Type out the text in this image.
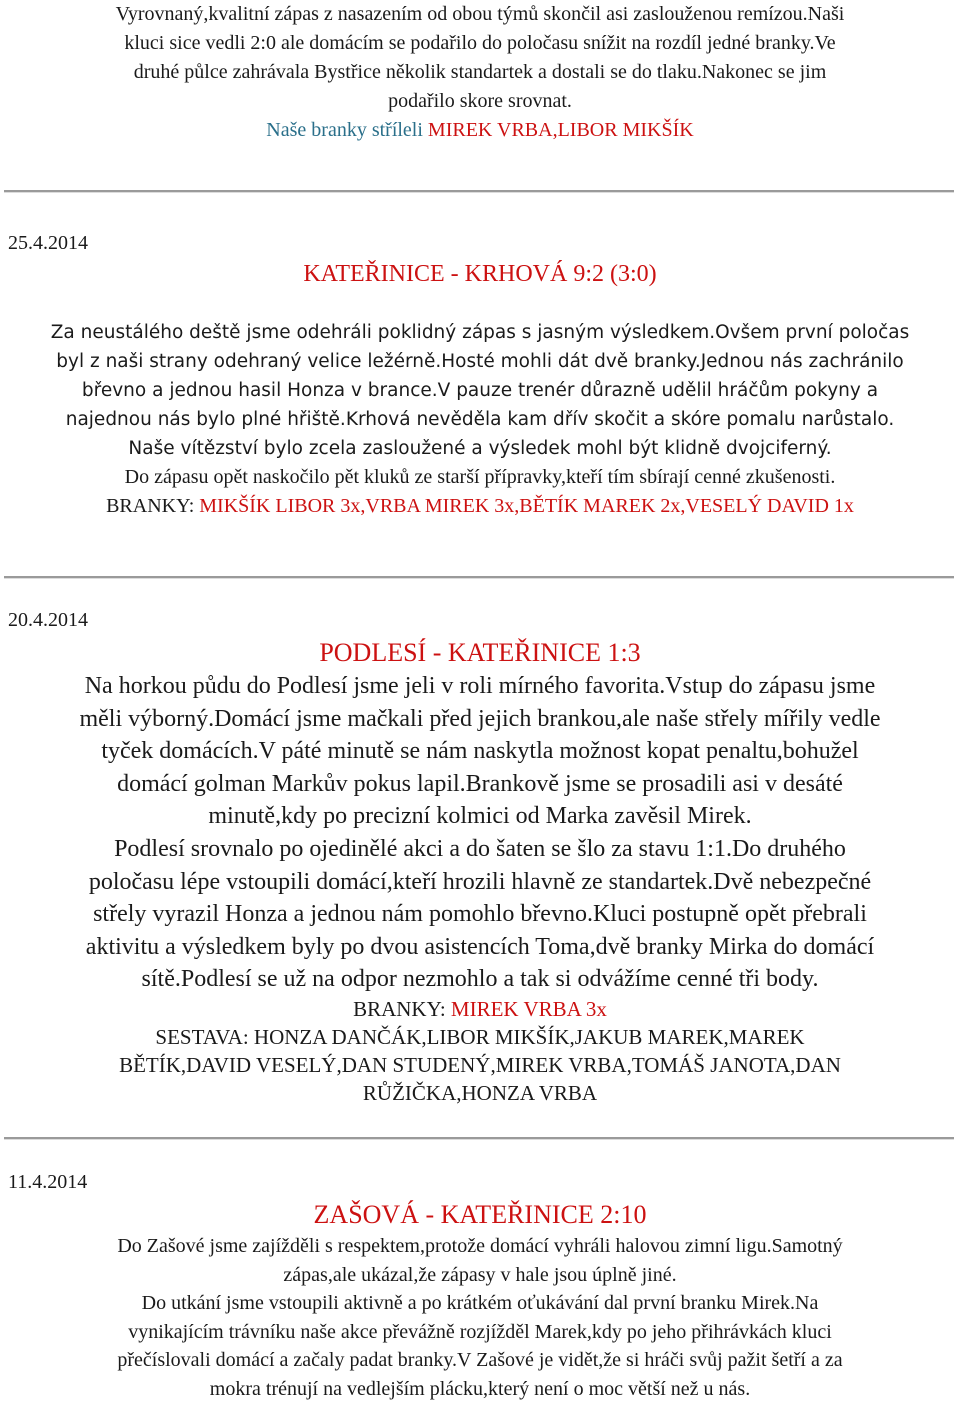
Vyrovnaný,kvalitní zápas z nasazením od obou týmů skončil asi zaslouženou remízou.Naši

kluci sice vedli 2:0 ale domácím se podařilo do poločasu snížit na rozdíl jedné branky.Ve

druhé půlce zahrávala Bystřice několik standartek a dostali se do tlaku.Nakonec se jim

podařilo skore srovnat.

Naše branky stříleli MIREK VRBA,LIBOR MIKŠÍK

25.4.2014

KATEŘINICE - KRHOVÁ 9:2 (3:0)

Za neustálého deště jsme odehráli poklidný zápas s jasným výsledkem.Ovšem první poločas

byl z naši strany odehraný velice ležérně.Hosté mohli dát dvě branky.Jednou nás zachránilo

břevno a jednou hasil Honza v brance.V pauze trenér důrazně udělil hráčům pokyny a

najednou nás bylo plné hřiště.Krhová nevěděla kam dřív skočit a skóre pomalu narůstalo.

Naše vítězství bylo zcela zasloužené a výsledek mohl být klidně dvojciferný.

Do zápasu opět naskočilo pět kluků ze starší přípravky,kteří tím sbírají cenné zkušenosti.

BRANKY: MIKŠÍK LIBOR 3x,VRBA MIREK 3x,BĚTÍK MAREK 2x,VESELÝ DAVID 1x

20.4.2014

PODLESÍ - KATEŘINICE 1:3

Na horkou půdu do Podlesí jsme jeli v roli mírného favorita.Vstup do zápasu jsme

měli výborný.Domácí jsme mačkali před jejich brankou,ale naše střely mířily vedle

tyček domácích.V páté minutě se nám naskytla možnost kopat penaltu,bohužel

domácí golman Markův pokus lapil.Brankově jsme se prosadili asi v desáté

minutě,kdy po precizní kolmici od Marka zavěsil Mirek.

Podlesí srovnalo po ojedinělé akci a do šaten se šlo za stavu 1:1.Do druhého

poločasu lépe vstoupili domácí,kteří hrozili hlavně ze standartek.Dvě nebezpečné

střely vyrazil Honza a jednou nám pomohlo břevno.Kluci postupně opět přebrali

aktivitu a výsledkem byly po dvou asistencích Toma,dvě branky Mirka do domácí

sítě.Podlesí se už na odpor nezmohlo a tak si odvážíme cenné tři body.

BRANKY: MIREK VRBA 3x

SESTAVA: HONZA DANČÁK,LIBOR MIKŠÍK,JAKUB MAREK,MAREK

BĚTÍK,DAVID VESELÝ,DAN STUDENÝ,MIREK VRBA,TOMÁŠ JANOTA,DAN

RŮŽIČKA,HONZA VRBA

11.4.2014

ZAŠOVÁ - KATEŘINICE 2:10

Do Zašové jsme zajížděli s respektem,protože domácí vyhráli halovou zimní ligu.Samotný

zápas,ale ukázal,že zápasy v hale jsou úplně jiné.

Do utkání jsme vstoupili aktivně a po krátkém oťukávání dal první branku Mirek.Na

vynikajícím trávníku naše akce převážně rozjížděl Marek,kdy po jeho přihrávkách kluci

přečíslovali domácí a začaly padat branky.V Zašové je vidět,že si hráči svůj pažit šetří a za

mokra trénují na vedlejším plácku,který není o moc větší než u nás.
